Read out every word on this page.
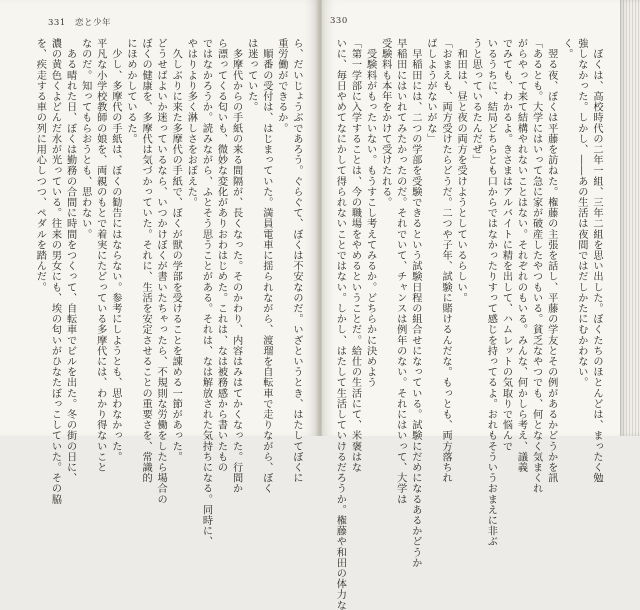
331 恋と少年
ら、だいじょうぶであろう。ぐらぐて、ぼくは不安なのだ。いざというとき、はたしてぼくに
重労働ができるか。
　順番の受付は、はじまっていた。満員電車に揺られながら、渡瑠を自転車で走りながら、ぼく
は迷っていた。
　多摩代からの手紙の来る間隔が、長くなった。そのかわり、内容はみはてかくなった。行間か
ら漂ってくる匂いも、微妙な変化がありおわはじめた。これは、なは被務感から書いたもの
ではなかろうか。読みながら、ふとそう思うことがある。それは、なは解放された気持ちになる。同時に、
やはりより多く淋しさをおぼえた。
　久しぶりに来た多摩代の手紙で、ぼくが獣の学部を受けることを諌める一節があった。
どうせばよいか迷っているなら、いつかけぼくが書いたちゃったら、不規則な労働をしたら場合の
ぼくの健康を、多摩代は気づかっていた。それに、生活を安定させることの重要さを、常識的
にほめかしているた。
　少し、多摩代の手紙は、ぼくの勧告にはならない。参考にしようとも、思わなかった。
平凡な小学校教師の娘を、両親のもとで着実にたどっている多摩代には、わかり得ないこと
なのだ。知ってもらおうとも、思わない。
　ある晴れた日、ぼくは勤務の合間に時間をつくって、自転車でビルを出た。冬の街の日に、
濃の黄色くよどんだ水が光っている。往来の男女にも、埃の匂いがひなたぼっこしていた。その脇
を、疾走する車の列に用心しつつ、ペダルを踏んだ。
330
　ぼくは、高校時代の二年一組、三年二組を思い出した。ぼくたちのほとんどは、まったく勉
強しなかった。しかし、――あの生活は夜間ではだしかたにむかわない。
く。
　翌る夜、ぼくは平藤を訪ねた。権藤の主張を話し、平藤の学友とその例があるかどうかを訊
「あるとも。大学にはいって急に家が破産したやつもいる。貧乏なやつでも、何となく気まくれ
がらやって来て結構やれないことはない。それぞれのもいる。みんな、何かしら考え、議義
でみても、わかるよ。きさまはアルバイトに精を出して、ハムレットの気取りで悩んで
いるうちに、結局どちらとも口からではなかったりすって感じを持ってるよ。おれもそういうおまえに非ぶ
うと思っているたんだぜ」
　和田は、昼と夜の両方を受けようとしているらしい。
「おまえも、両方受けたらどうだ。二つや子年、試験に賭けるんだな。もっとも、両方落ちれ
ばしようがないがな」
　早稲田には、二つの学部を受験できるという試験日程の組合せになっている。試験にだめになるあるかどうか
早稲田にはいれてみたかったのだ。それでいて、チャンスは例年のない。それにはいって、大学は
受験料も本年をかけて受けたれる。
　受験料がもったいない。もうすこし考えてみるか。どちらかに決めよう
「第一学部に入学することは、今の職場をやめるということだ。給仕の生活にて、米褒はな
いに、毎日やめてなにかして得られないことではない。しかし、はたして生活していけるだろうか。権藤や和田の体力な
